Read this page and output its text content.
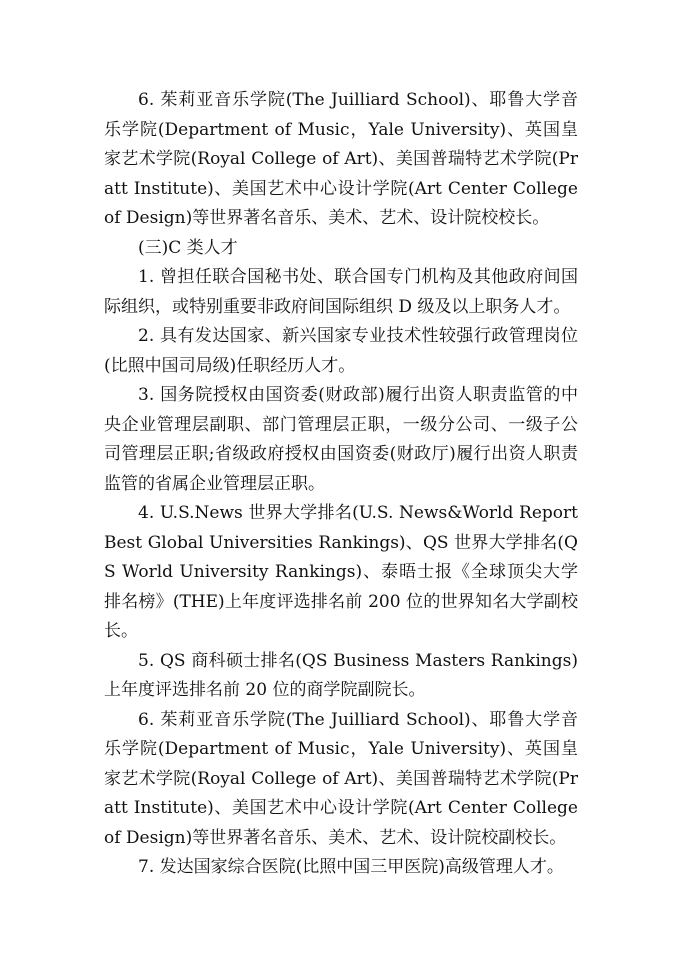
6. 茱莉亚音乐学院(The Juilliard School)、耶鲁大学音乐学院(Department of Music，Yale University)、英国皇家艺术学院(Royal College of Art)、美国普瑞特艺术学院(Pratt Institute)、美国艺术中心设计学院(Art Center College of Design)等世界著名音乐、美术、艺术、设计院校校长。

(三)C 类人才

1. 曾担任联合国秘书处、联合国专门机构及其他政府间国际组织，或特别重要非政府间国际组织 D 级及以上职务人才。

2. 具有发达国家、新兴国家专业技术性较强行政管理岗位(比照中国司局级)任职经历人才。

3. 国务院授权由国资委(财政部)履行出资人职责监管的中央企业管理层副职、部门管理层正职，一级分公司、一级子公司管理层正职;省级政府授权由国资委(财政厅)履行出资人职责监管的省属企业管理层正职。

4. U.S.News 世界大学排名(U.S. News&World Report Best Global Universities Rankings)、QS 世界大学排名(QS World University Rankings)、泰晤士报《全球顶尖大学排名榜》(THE)上年度评选排名前 200 位的世界知名大学副校长。

5. QS 商科硕士排名(QS Business Masters Rankings)上年度评选排名前 20 位的商学院副院长。

6. 茱莉亚音乐学院(The Juilliard School)、耶鲁大学音乐学院(Department of Music，Yale University)、英国皇家艺术学院(Royal College of Art)、美国普瑞特艺术学院(Pratt Institute)、美国艺术中心设计学院(Art Center College of Design)等世界著名音乐、美术、艺术、设计院校副校长。

7. 发达国家综合医院(比照中国三甲医院)高级管理人才。
